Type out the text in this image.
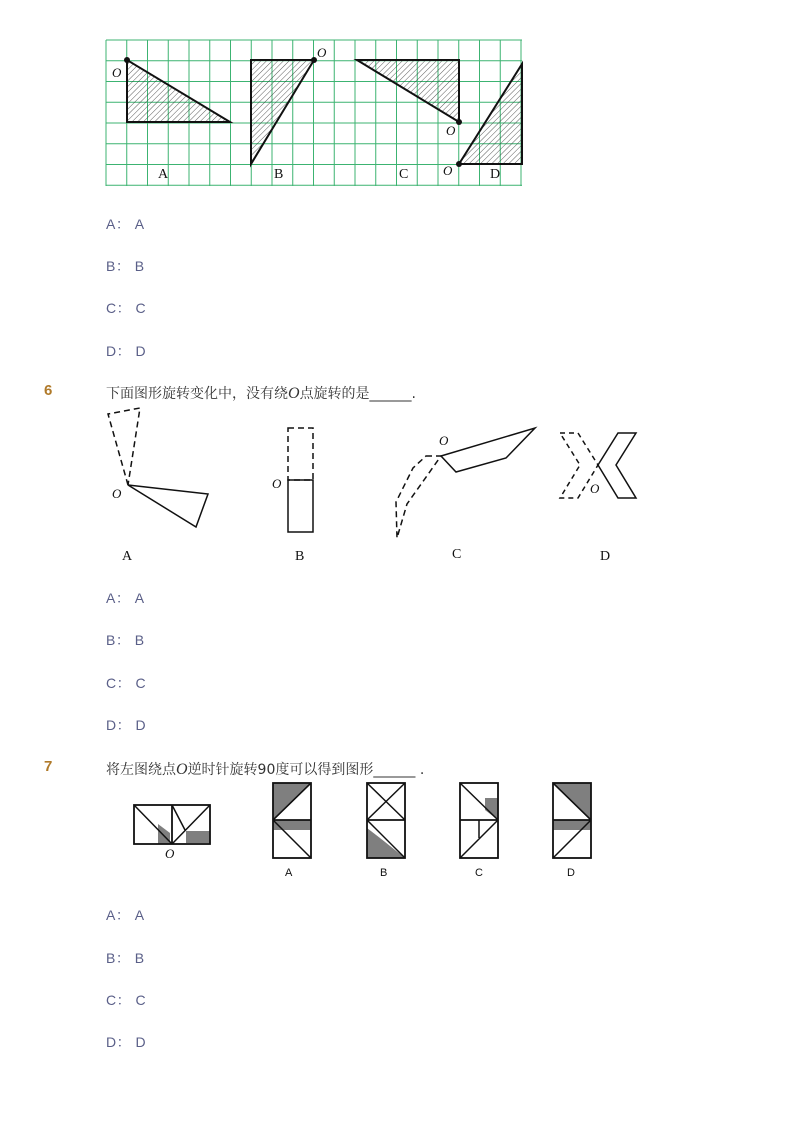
O
A
O
B
O
C	O	D
A： A
B： B
C： C
D： D
6	下面图形旋转变化中，没有绕O点旋转的是______.
O
A
O
B
O
C
O
D
A： A
B： B
C： C
D： D
7	将左图绕点O逆时针旋转90度可以得到图形______ .
O
A	B	C	D
A： A
B： B
C： C
D： D
